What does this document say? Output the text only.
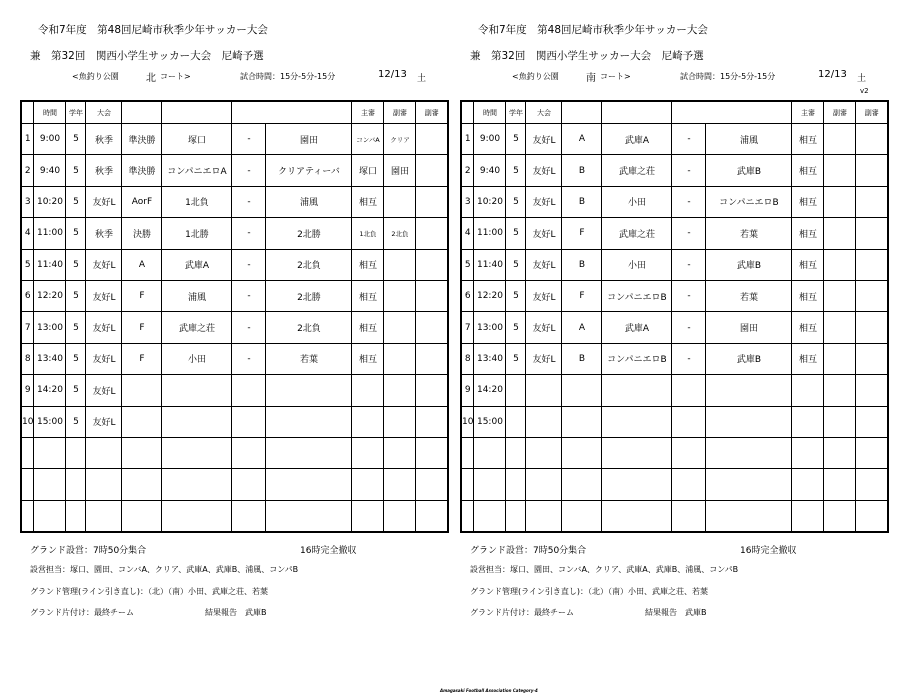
令和7年度　第48回尼崎市秋季少年サッカー大会
兼　第32回　関西小学生サッカー大会　尼崎予選
<魚釣り公園	北 コート>	試合時間：15分-5分-15分	12/13 土
	時間	学年	大会					主審	副審	副審
1	9:00	5	秋季	準決勝	塚口	-	園田	コンバA	クリア	
2	9:40	5	秋季	準決勝	コンパニエロA	-	クリアティーバ	塚口	園田	
3	10:20	5	友好L	AorF	1北負	-	浦風	相互		
4	11:00	5	秋季	決勝	1北勝	-	2北勝	1北負	2北負	
5	11:40	5	友好L	A	武庫A	-	2北負	相互		
6	12:20	5	友好L	F	浦風	-	2北勝	相互		
7	13:00	5	友好L	F	武庫之荘	-	2北負	相互		
8	13:40	5	友好L	F	小田	-	若葉	相互		
9	14:20	5	友好L							
10	15:00	5	友好L							

グランド設営：7時50分集合	16時完全撤収
設営担当：塚口、園田、コンバA、クリア、武庫A、武庫B、浦風、コンパB
グランド管理(ライン引き直し)：（北）（南）小田、武庫之荘、若葉
グランド片付け：最終チーム	結果報告　武庫B
令和7年度　第48回尼崎市秋季少年サッカー大会
兼　第32回　関西小学生サッカー大会　尼崎予選
<魚釣り公園	南 コート>	試合時間：15分-5分-15分	12/13 土
v2
	時間	学年	大会					主審	副審	副審
1	9:00	5	友好L	A	武庫A	-	浦風	相互		
2	9:40	5	友好L	B	武庫之荘	-	武庫B	相互		
3	10:20	5	友好L	B	小田	-	コンパニエロB	相互		
4	11:00	5	友好L	F	武庫之荘	-	若葉	相互		
5	11:40	5	友好L	B	小田	-	武庫B	相互		
6	12:20	5	友好L	F	コンパニエロB	-	若葉	相互		
7	13:00	5	友好L	A	武庫A	-	園田	相互		
8	13:40	5	友好L	B	コンパニエロB	-	武庫B	相互		
9	14:20									
10	15:00									

グランド設営：7時50分集合	16時完全撤収
設営担当：塚口、園田、コンバA、クリア、武庫A、武庫B、浦風、コンパB
グランド管理(ライン引き直し)：（北）（南）小田、武庫之荘、若葉
グランド片付け：最終チーム	結果報告　武庫B
Amagasaki Football Association Category-4
